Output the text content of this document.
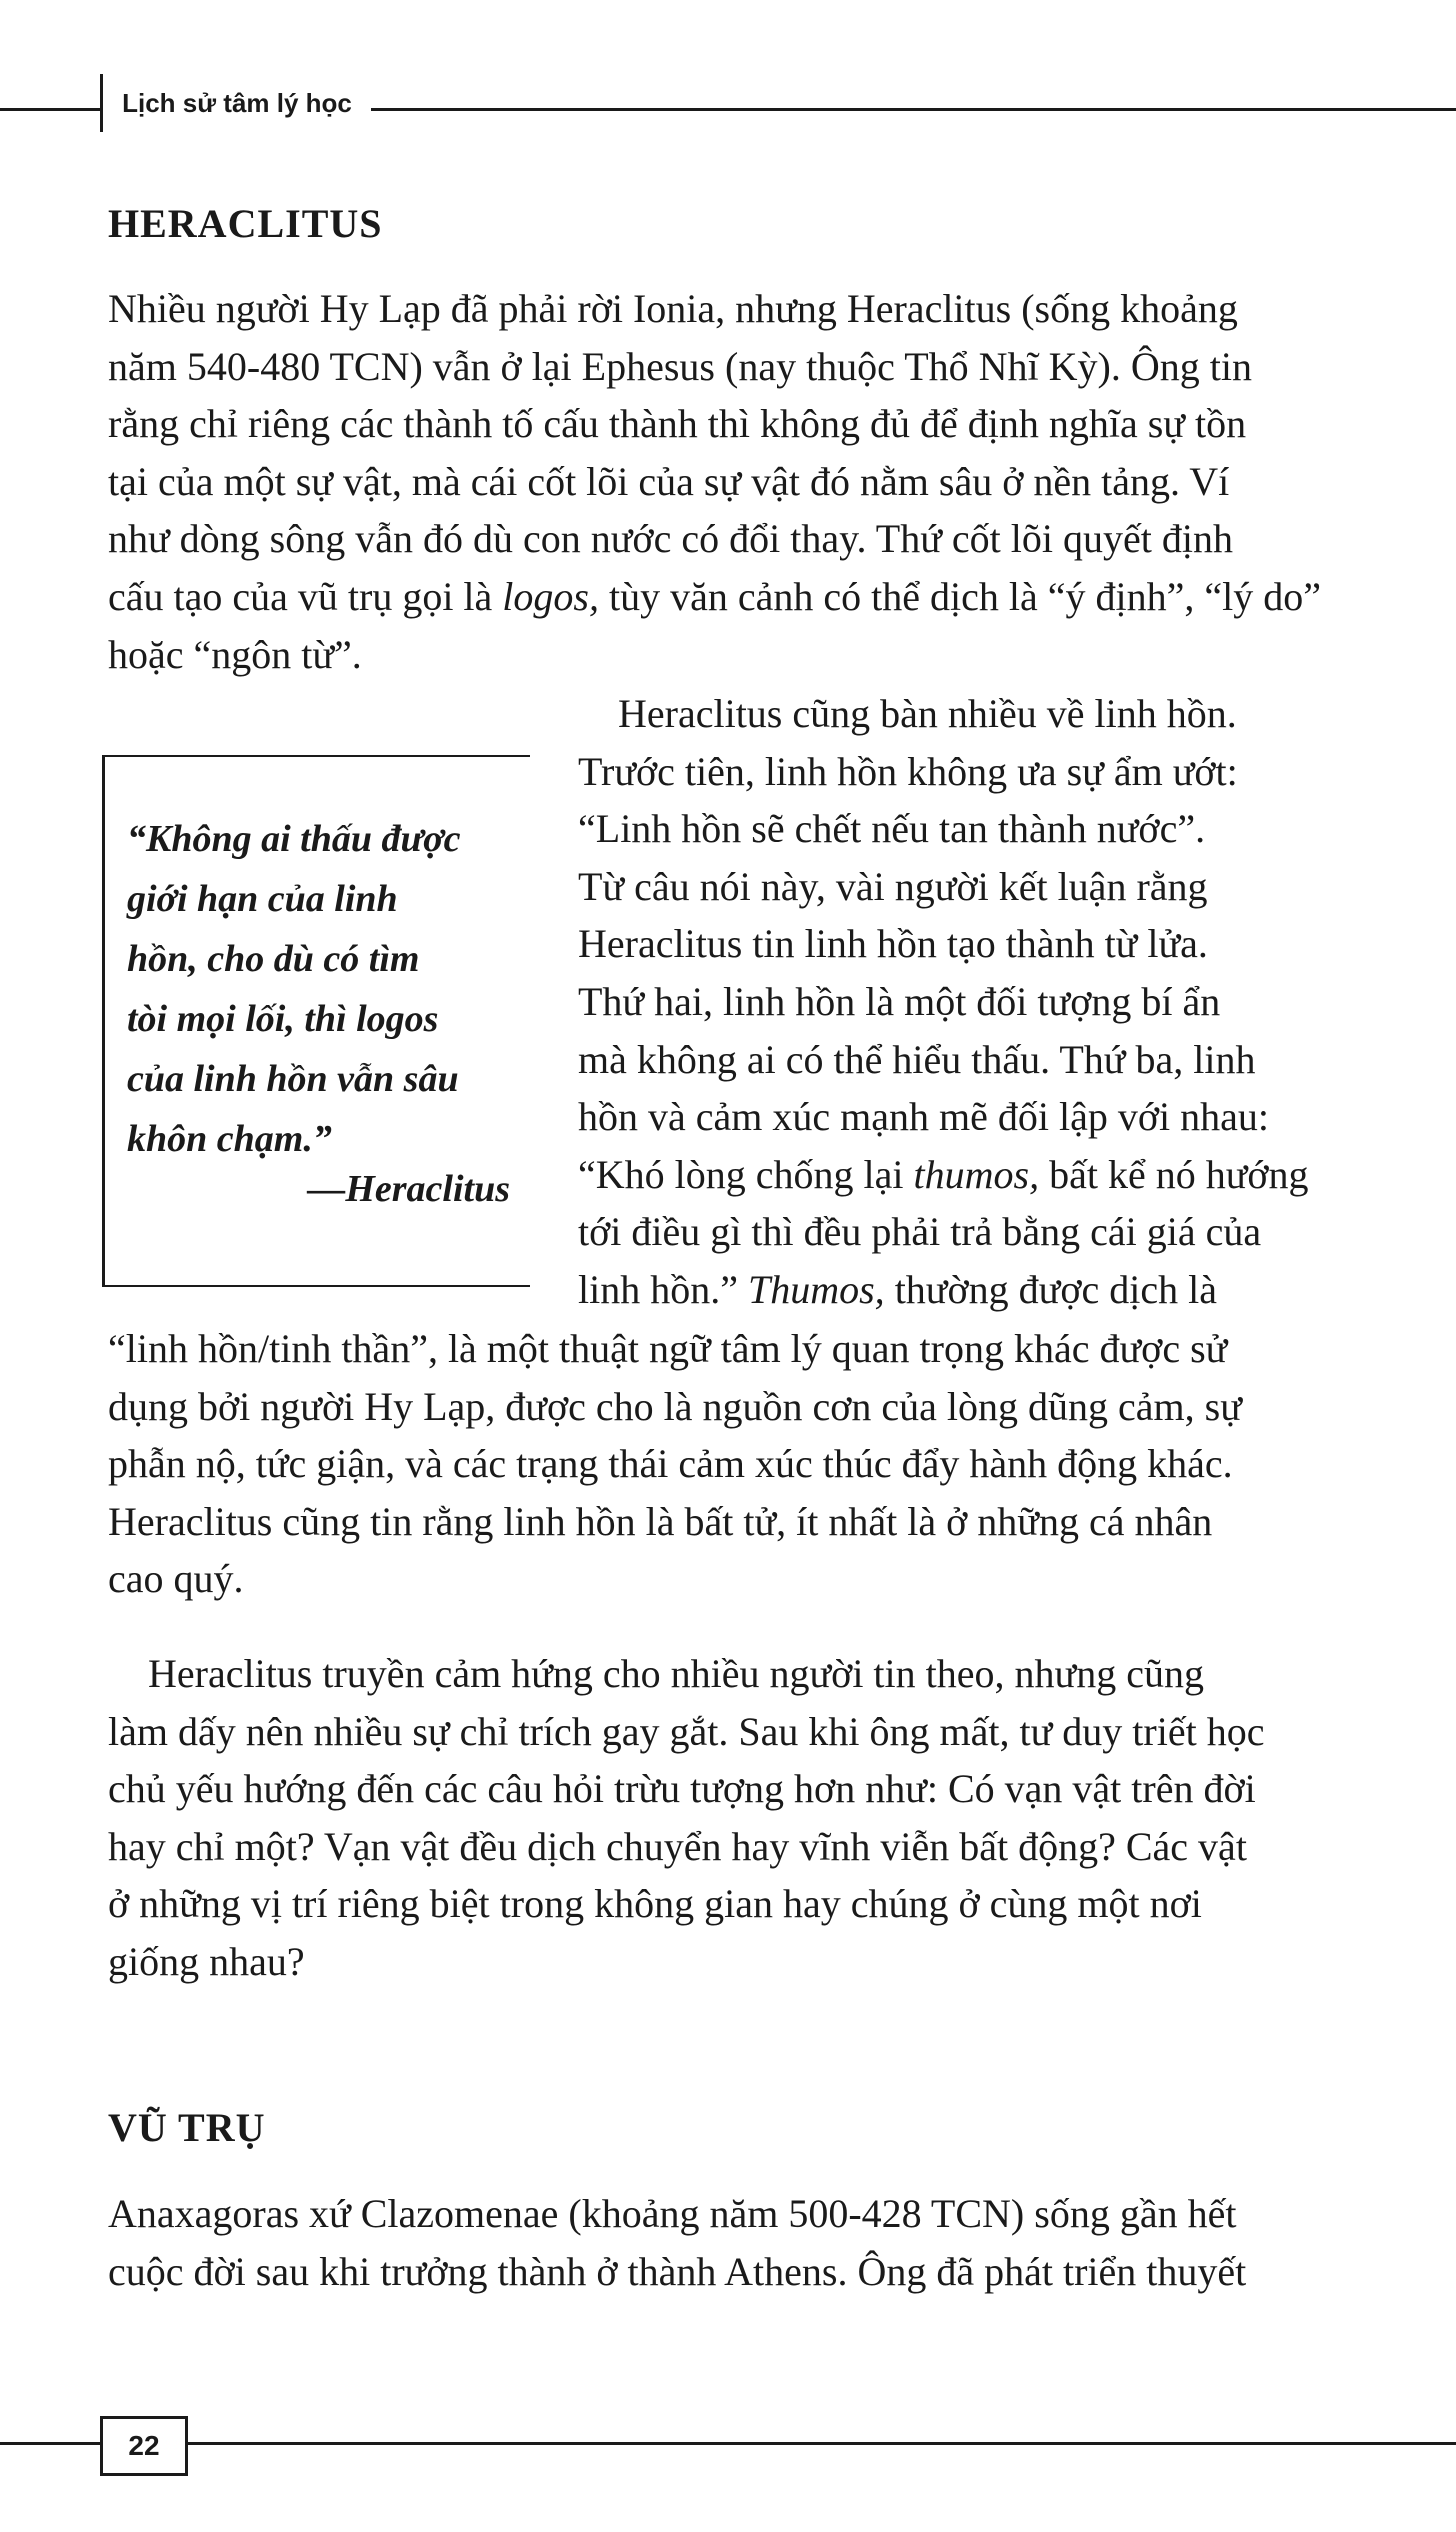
Lịch sử tâm lý học
HERACLITUS

Nhiều người Hy Lạp đã phải rời Ionia, nhưng Heraclitus (sống khoảng
năm 540-480 TCN) vẫn ở lại Ephesus (nay thuộc Thổ Nhĩ Kỳ). Ông tin
rằng chỉ riêng các thành tố cấu thành thì không đủ để định nghĩa sự tồn
tại của một sự vật, mà cái cốt lõi của sự vật đó nằm sâu ở nền tảng. Ví
như dòng sông vẫn đó dù con nước có đổi thay. Thứ cốt lõi quyết định
cấu tạo của vũ trụ gọi là logos, tùy văn cảnh có thể dịch là “ý định”, “lý do”
hoặc “ngôn từ”.

“Không ai thấu được
giới hạn của linh
hồn, cho dù có tìm
tòi mọi lối, thì logos
của linh hồn vẫn sâu
khôn chạm.”

—Heraclitus

Heraclitus cũng bàn nhiều về linh hồn.
Trước tiên, linh hồn không ưa sự ẩm ướt:
“Linh hồn sẽ chết nếu tan thành nước”.
Từ câu nói này, vài người kết luận rằng
Heraclitus tin linh hồn tạo thành từ lửa.
Thứ hai, linh hồn là một đối tượng bí ẩn
mà không ai có thể hiểu thấu. Thứ ba, linh
hồn và cảm xúc mạnh mẽ đối lập với nhau:
“Khó lòng chống lại thumos, bất kể nó hướng
tới điều gì thì đều phải trả bằng cái giá của
linh hồn.” Thumos, thường được dịch là

“linh hồn/tinh thần”, là một thuật ngữ tâm lý quan trọng khác được sử
dụng bởi người Hy Lạp, được cho là nguồn cơn của lòng dũng cảm, sự
phẫn nộ, tức giận, và các trạng thái cảm xúc thúc đẩy hành động khác.
Heraclitus cũng tin rằng linh hồn là bất tử, ít nhất là ở những cá nhân
cao quý.

Heraclitus truyền cảm hứng cho nhiều người tin theo, nhưng cũng
làm dấy nên nhiều sự chỉ trích gay gắt. Sau khi ông mất, tư duy triết học
chủ yếu hướng đến các câu hỏi trừu tượng hơn như: Có vạn vật trên đời
hay chỉ một? Vạn vật đều dịch chuyển hay vĩnh viễn bất động? Các vật
ở những vị trí riêng biệt trong không gian hay chúng ở cùng một nơi
giống nhau?

VŨ TRỤ

Anaxagoras xứ Clazomenae (khoảng năm 500-428 TCN) sống gần hết
cuộc đời sau khi trưởng thành ở thành Athens. Ông đã phát triển thuyết

22
